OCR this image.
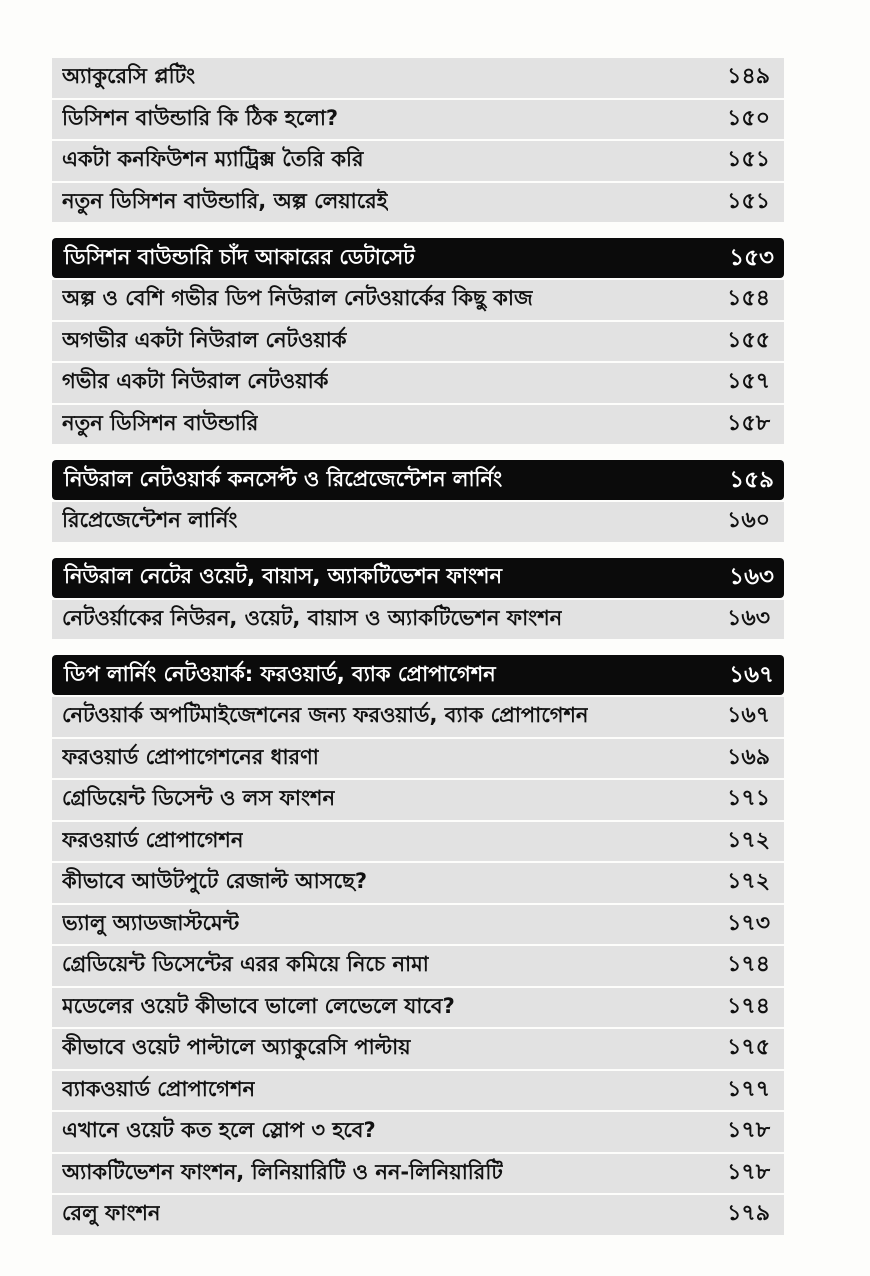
অ্যাকুরেসি প্লটিং	১৪৯
ডিসিশন বাউন্ডারি কি ঠিক হলো?	১৫০
একটা কনফিউশন ম্যাট্রিক্স তৈরি করি	১৫১
নতুন ডিসিশন বাউন্ডারি, অল্প লেয়ারেই	১৫১
ডিসিশন বাউন্ডারি চাঁদ আকারের ডেটাসেট	১৫৩
অল্প ও বেশি গভীর ডিপ নিউরাল নেটওয়ার্কের কিছু কাজ	১৫৪
অগভীর একটা নিউরাল নেটওয়ার্ক	১৫৫
গভীর একটা নিউরাল নেটওয়ার্ক	১৫৭
নতুন ডিসিশন বাউন্ডারি	১৫৮
নিউরাল নেটওয়ার্ক কনসেপ্ট ও রিপ্রেজেন্টেশন লার্নিং	১৫৯
রিপ্রেজেন্টেশন লার্নিং	১৬০
নিউরাল নেটের ওয়েট, বায়াস, অ্যাকটিভেশন ফাংশন	১৬৩
নেটওর্য়াকের নিউরন, ওয়েট, বায়াস ও অ্যাকটিভেশন ফাংশন	১৬৩
ডিপ লার্নিং নেটওয়ার্ক: ফরওয়ার্ড, ব্যাক প্রোপাগেশন	১৬৭
নেটওয়ার্ক অপটিমাইজেশনের জন্য ফরওয়ার্ড, ব্যাক প্রোপাগেশন	১৬৭
ফরওয়ার্ড প্রোপাগেশনের ধারণা	১৬৯
গ্রেডিয়েন্ট ডিসেন্ট ও লস ফাংশন	১৭১
ফরওয়ার্ড প্রোপাগেশন	১৭২
কীভাবে আউটপুটে রেজাল্ট আসছে?	১৭২
ভ্যালু অ্যাডজাস্টমেন্ট	১৭৩
গ্রেডিয়েন্ট ডিসেন্টের এরর কমিয়ে নিচে নামা	১৭৪
মডেলের ওয়েট কীভাবে ভালো লেভেলে যাবে?	১৭৪
কীভাবে ওয়েট পাল্টালে অ্যাকুরেসি পাল্টায়	১৭৫
ব্যাকওয়ার্ড প্রোপাগেশন	১৭৭
এখানে ওয়েট কত হলে স্লোপ ৩ হবে?	১৭৮
অ্যাকটিভেশন ফাংশন, লিনিয়ারিটি ও নন-লিনিয়ারিটি	১৭৮
রেলু ফাংশন	১৭৯
